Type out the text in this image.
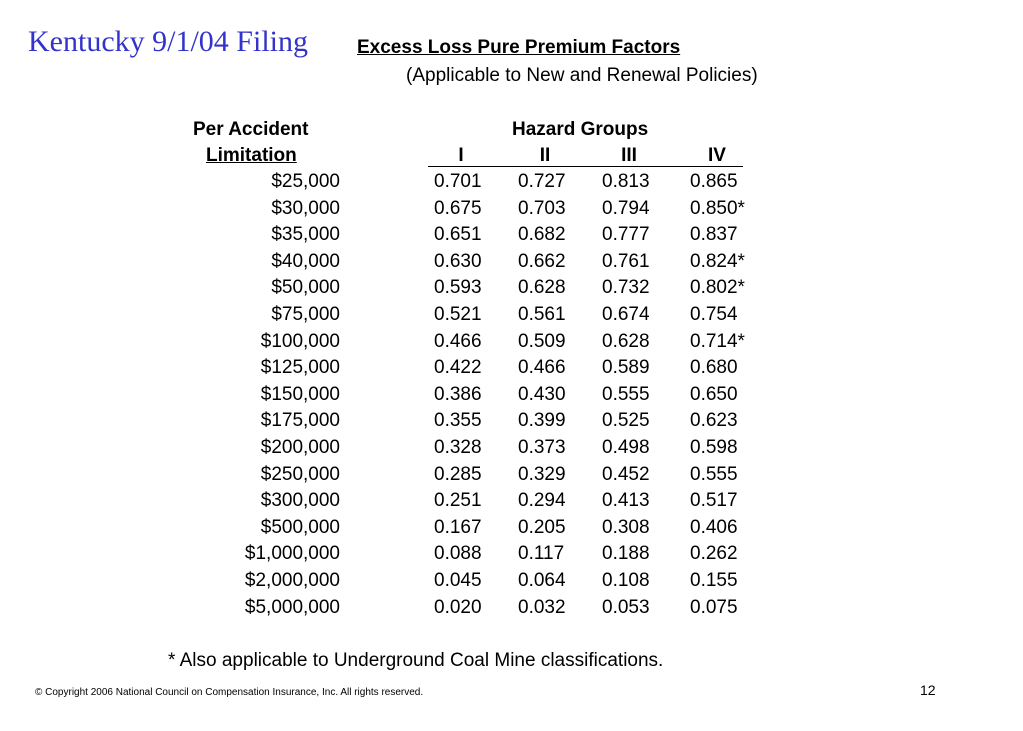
Kentucky 9/1/04 Filing	Excess Loss Pure Premium Factors
(Applicable to New and Renewal Policies)
Per Accident
Limitation
Hazard Groups
I	II	III	IV
$25,000	0.701 0.727 0.813 0.865
$30,000	0.675 0.703 0.794 0.850*
$35,000	0.651 0.682 0.777 0.837
$40,000	0.630 0.662 0.761 0.824*
$50,000	0.593 0.628 0.732 0.802*
$75,000	0.521 0.561 0.674 0.754
$100,000	0.466 0.509 0.628 0.714*
$125,000	0.422 0.466 0.589 0.680
$150,000	0.386 0.430 0.555 0.650
$175,000	0.355 0.399 0.525 0.623
$200,000	0.328 0.373 0.498 0.598
$250,000	0.285 0.329 0.452 0.555
$300,000	0.251 0.294 0.413 0.517
$500,000	0.167 0.205 0.308 0.406
$1,000,000	0.088 0.117 0.188 0.262
$2,000,000	0.045 0.064 0.108 0.155
$5,000,000	0.020 0.032 0.053 0.075
* Also applicable to Underground Coal Mine classifications.
© Copyright 2006 National Council on Compensation Insurance, Inc. All rights reserved.	12
